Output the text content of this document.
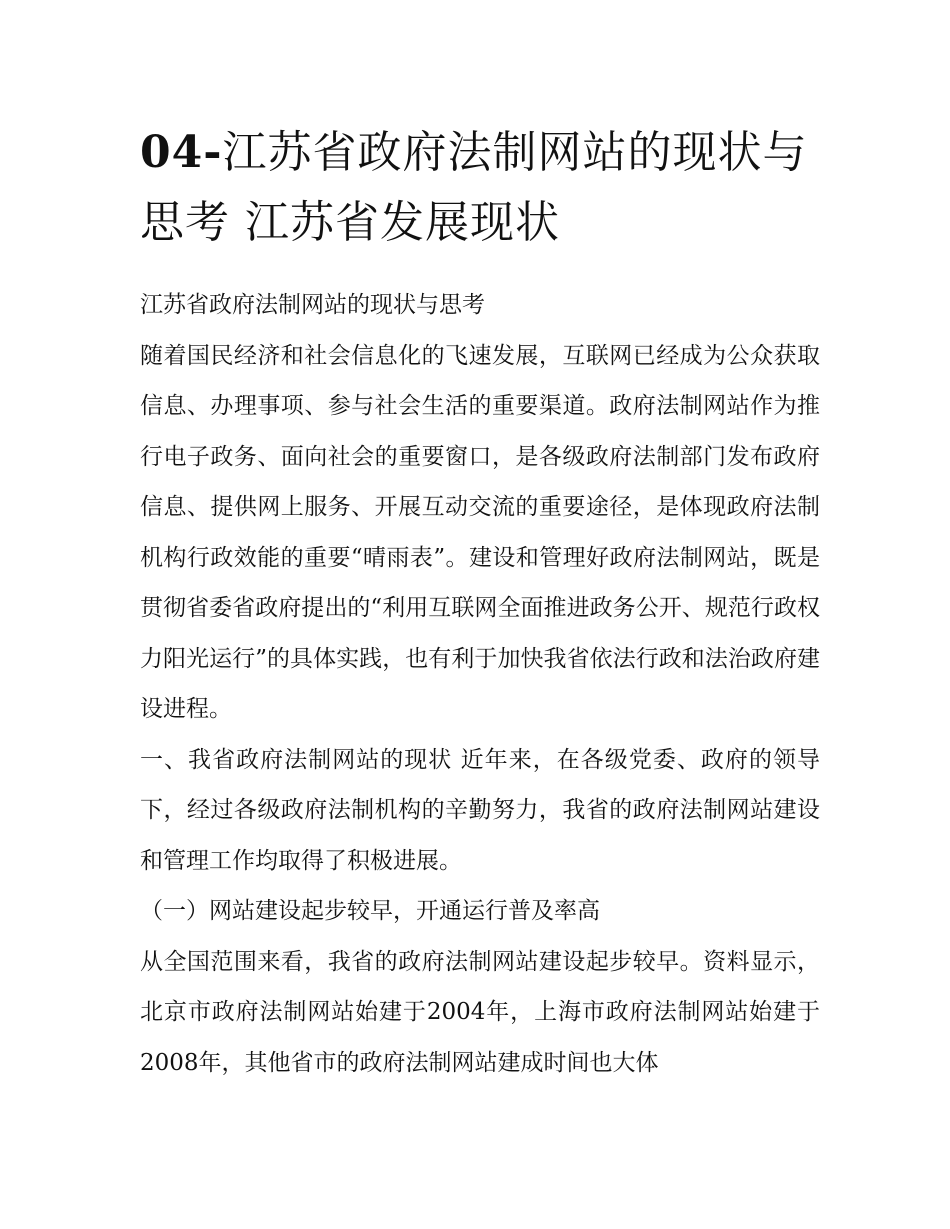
04-江苏省政府法制网站的现状与思考 江苏省发展现状

江苏省政府法制网站的现状与思考

随着国民经济和社会信息化的飞速发展，互联网已经成为公众获取信息、办理事项、参与社会生活的重要渠道。政府法制网站作为推行电子政务、面向社会的重要窗口，是各级政府法制部门发布政府信息、提供网上服务、开展互动交流的重要途径，是体现政府法制机构行政效能的重要“晴雨表”。建设和管理好政府法制网站，既是贯彻省委省政府提出的“利用互联网全面推进政务公开、规范行政权力阳光运行”的具体实践，也有利于加快我省依法行政和法治政府建设进程。

一、我省政府法制网站的现状 近年来，在各级党委、政府的领导下，经过各级政府法制机构的辛勤努力，我省的政府法制网站建设和管理工作均取得了积极进展。

（一）网站建设起步较早，开通运行普及率高

从全国范围来看，我省的政府法制网站建设起步较早。资料显示，北京市政府法制网站始建于2004年，上海市政府法制网站始建于2008年，其他省市的政府法制网站建成时间也大体
